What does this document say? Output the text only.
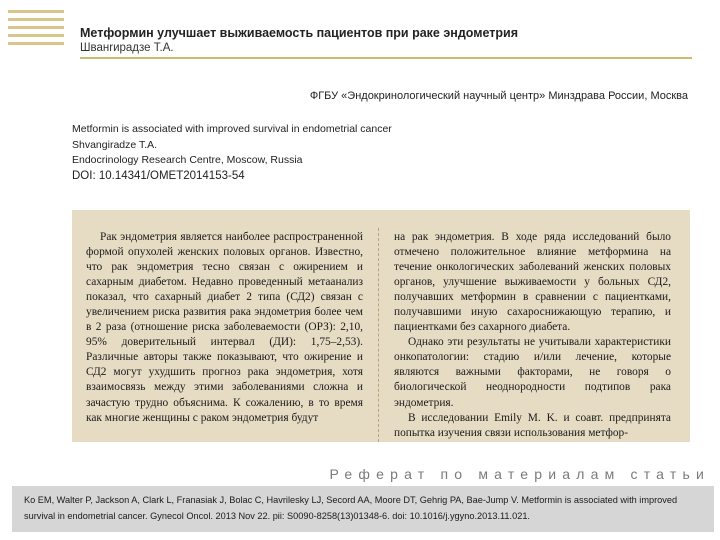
Метформин улучшает выживаемость пациентов при раке эндометрия
Шванrирадзе Т.А.
ФГБУ «Эндокринологический научный центр» Минздрава России, Москва
Metformin is associated with improved survival in endometrial cancer
Shvangiradze T.A.
Endocrinology Research Centre, Moscow, Russia
DOI: 10.14341/OMET2014153-54

Рак эндометрия является наиболее распространенной формой опухолей женских половых органов. Известно, что рак эндометрия тесно связан с ожирением и сахарным диабетом. Недавно проведенный метаанализ показал, что сахарный диабет 2 типа (СД2) связан с увеличением риска развития рака эндометрия более чем в 2 раза (отношение риска заболеваемости (ОРЗ): 2,10, 95% доверительный интервал (ДИ): 1,75–2,53). Различные авторы также показывают, что ожирение и СД2 могут ухудшить прогноз рака эндометрия, хотя взаимосвязь между этими заболеваниями сложна и зачастую трудно объяснима. К сожалению, в то время как многие женщины с раком эндометрия будут

на рак эндометрия. В ходе ряда исследований было отмечено положительное влияние метформина на течение онкологических заболеваний женских половых органов, улучшение выживаемости у больных СД2, получавших метформин в сравнении с пациентками, получавшими иную сахароснижающую терапию, и пациентками без сахарного диабета.

Однако эти результаты не учитывали характеристики онкопатологии: стадию и/или лечение, которые являются важными факторами, не говоря о биологической неоднородности подтипов рака эндометрия.

В исследовании Emily M. K. и соавт. предпринята попытка изучения связи использования метфор-

Реферат по материалам статьи

Ko EM, Walter P, Jackson A, Clark L, Franasiak J, Bolac C, Havrilesky LJ, Secord AA, Moore DT, Gehrig PA, Bae-Jump V. Metformin is associated with improved survival in endometrial cancer. Gynecol Oncol. 2013 Nov 22. pii: S0090-8258(13)01348-6. doi: 10.1016/j.ygyno.2013.11.021.
